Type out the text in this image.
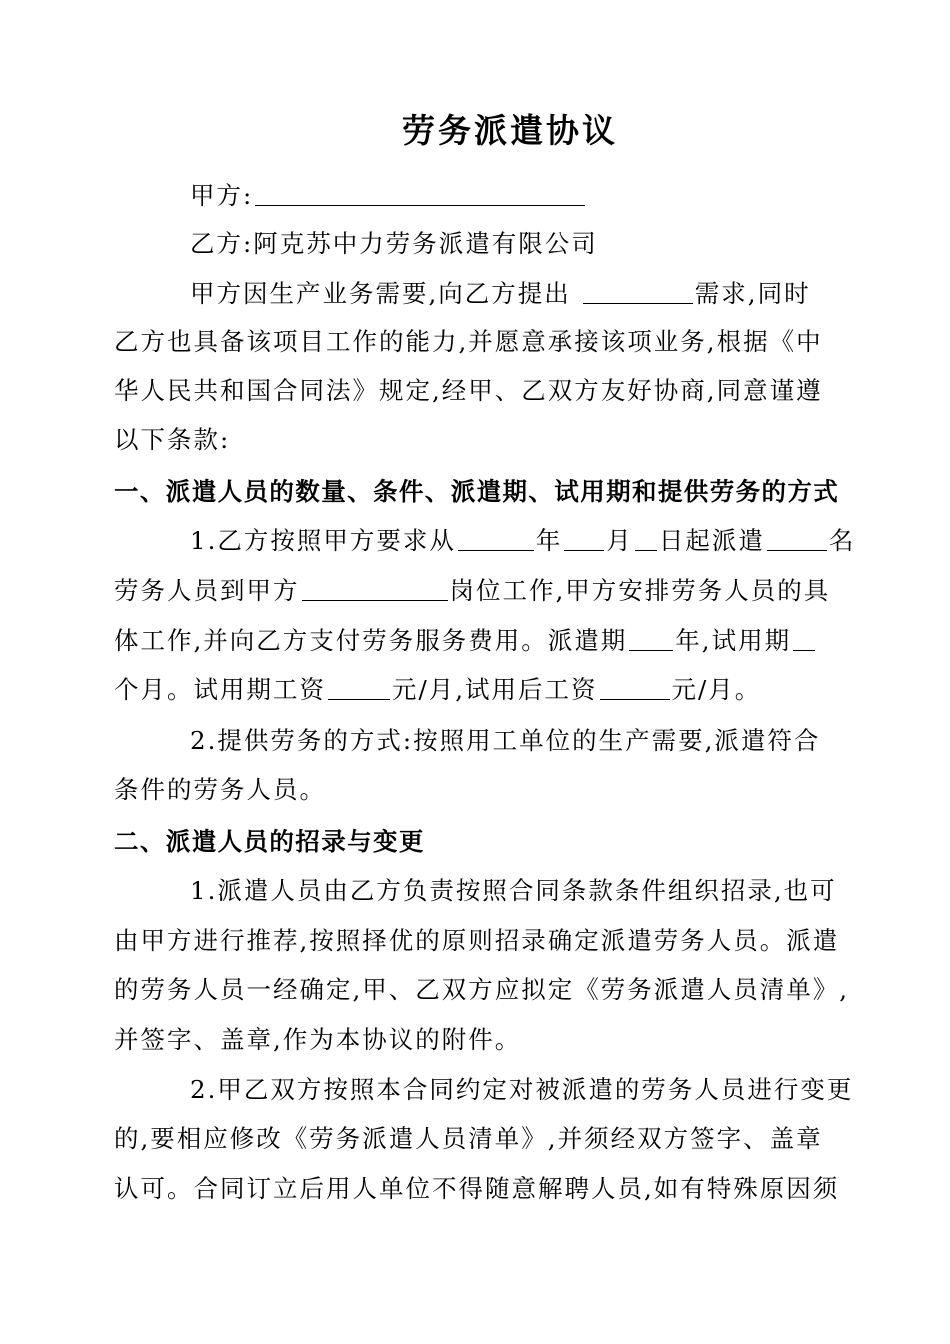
劳务派遣协议
甲方:
乙方:阿克苏中力劳务派遣有限公司
甲方因生产业务需要,向乙方提出	需求,同时
乙方也具备该项目工作的能力,并愿意承接该项业务,根据《中
华人民共和国合同法》规定,经甲、乙双方友好协商,同意谨遵
以下条款:
一、派遣人员的数量、条件、派遣期、试用期和提供劳务的方式
1.乙方按照甲方要求从	年 月 日起派遣	名
劳务人员到甲方	岗位工作,甲方安排劳务人员的具
体工作,并向乙方支付劳务服务费用。派遣期 年,试用期
个月。试用期工资	元/月,试用后工资	元/月。
2.提供劳务的方式:按照用工单位的生产需要,派遣符合
条件的劳务人员。
二、派遣人员的招录与变更
1.派遣人员由乙方负责按照合同条款条件组织招录,也可
由甲方进行推荐,按照择优的原则招录确定派遣劳务人员。派遣
的劳务人员一经确定,甲、乙双方应拟定《劳务派遣人员清单》,
并签字、盖章,作为本协议的附件。
2.甲乙双方按照本合同约定对被派遣的劳务人员进行变更
的,要相应修改《劳务派遣人员清单》,并须经双方签字、盖章
认可。合同订立后用人单位不得随意解聘人员,如有特殊原因须
